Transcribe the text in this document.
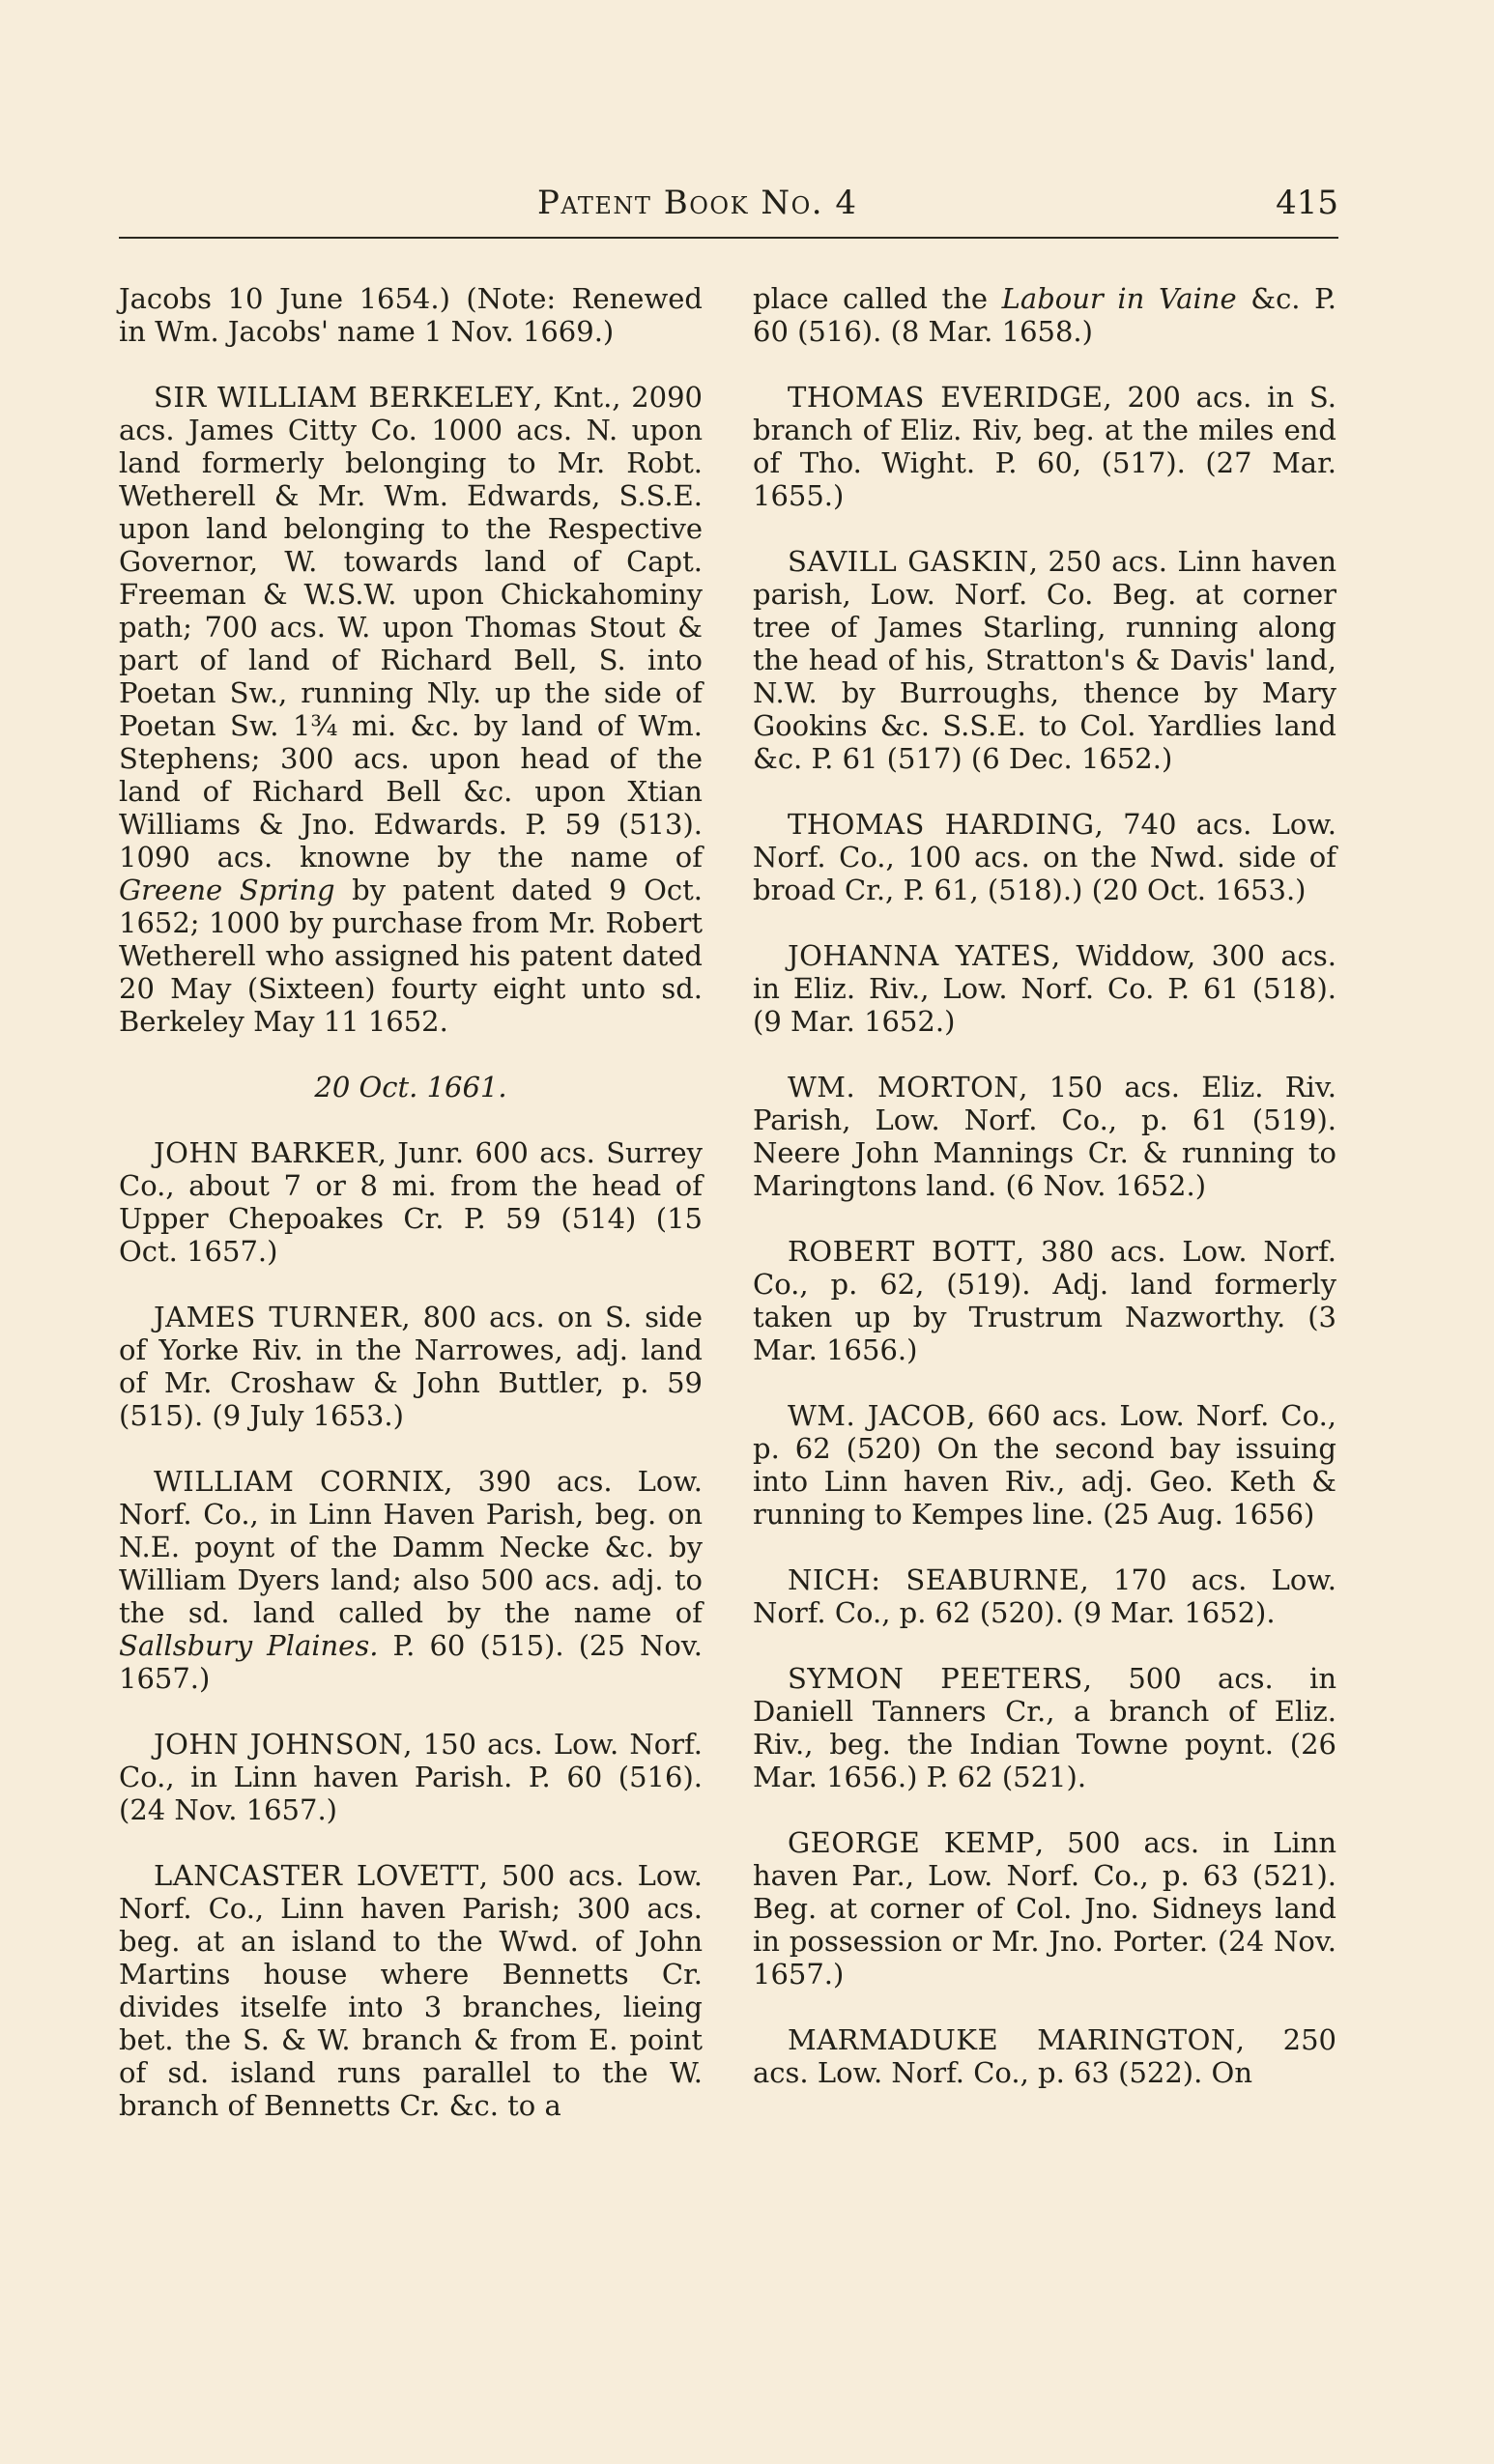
Patent Book No. 4	415

Jacobs 10 June 1654.) (Note: Renewed in Wm. Jacobs' name 1 Nov. 1669.)

SIR WILLIAM BERKELEY, Knt., 2090 acs. James Citty Co. 1000 acs. N. upon land formerly belonging to Mr. Robt. Wetherell & Mr. Wm. Edwards, S.S.E. upon land belonging to the Respective Governor, W. towards land of Capt. Freeman & W.S.W. upon Chickahominy path; 700 acs. W. upon Thomas Stout & part of land of Richard Bell, S. into Poetan Sw., running Nly. up the side of Poetan Sw. 1¾ mi. &c. by land of Wm. Stephens; 300 acs. upon head of the land of Richard Bell &c. upon Xtian Williams & Jno. Edwards. P. 59 (513). 1090 acs. knowne by the name of Greene Spring by patent dated 9 Oct. 1652; 1000 by purchase from Mr. Robert Wetherell who assigned his patent dated 20 May (Sixteen) fourty eight unto sd. Berkeley May 11 1652.

20 Oct. 1661.

JOHN BARKER, Junr. 600 acs. Surrey Co., about 7 or 8 mi. from the head of Upper Chepoakes Cr. P. 59 (514) (15 Oct. 1657.)

JAMES TURNER, 800 acs. on S. side of Yorke Riv. in the Narrowes, adj. land of Mr. Croshaw & John Buttler, p. 59 (515). (9 July 1653.)

WILLIAM CORNIX, 390 acs. Low. Norf. Co., in Linn Haven Parish, beg. on N.E. poynt of the Damm Necke &c. by William Dyers land; also 500 acs. adj. to the sd. land called by the name of Sallsbury Plaines. P. 60 (515). (25 Nov. 1657.)

JOHN JOHNSON, 150 acs. Low. Norf. Co., in Linn haven Parish. P. 60 (516). (24 Nov. 1657.)

LANCASTER LOVETT, 500 acs. Low. Norf. Co., Linn haven Parish; 300 acs. beg. at an island to the Wwd. of John Martins house where Bennetts Cr. divides itselfe into 3 branches, lieing bet. the S. & W. branch & from E. point of sd. island runs parallel to the W. branch of Bennetts Cr. &c. to a

place called the Labour in Vaine &c. P. 60 (516). (8 Mar. 1658.)

THOMAS EVERIDGE, 200 acs. in S. branch of Eliz. Riv, beg. at the miles end of Tho. Wight. P. 60, (517). (27 Mar. 1655.)

SAVILL GASKIN, 250 acs. Linn haven parish, Low. Norf. Co. Beg. at corner tree of James Starling, running along the head of his, Stratton's & Davis' land, N.W. by Burroughs, thence by Mary Gookins &c. S.S.E. to Col. Yardlies land &c. P. 61 (517) (6 Dec. 1652.)

THOMAS HARDING, 740 acs. Low. Norf. Co., 100 acs. on the Nwd. side of broad Cr., P. 61, (518).) (20 Oct. 1653.)

JOHANNA YATES, Widdow, 300 acs. in Eliz. Riv., Low. Norf. Co. P. 61 (518). (9 Mar. 1652.)

WM. MORTON, 150 acs. Eliz. Riv. Parish, Low. Norf. Co., p. 61 (519). Neere John Mannings Cr. & running to Maringtons land. (6 Nov. 1652.)

ROBERT BOTT, 380 acs. Low. Norf. Co., p. 62, (519). Adj. land formerly taken up by Trustrum Nazworthy. (3 Mar. 1656.)

WM. JACOB, 660 acs. Low. Norf. Co., p. 62 (520) On the second bay issuing into Linn haven Riv., adj. Geo. Keth & running to Kempes line. (25 Aug. 1656)

NICH: SEABURNE, 170 acs. Low. Norf. Co., p. 62 (520). (9 Mar. 1652).

SYMON PEETERS, 500 acs. in Daniell Tanners Cr., a branch of Eliz. Riv., beg. the Indian Towne poynt. (26 Mar. 1656.) P. 62 (521).

GEORGE KEMP, 500 acs. in Linn haven Par., Low. Norf. Co., p. 63 (521). Beg. at corner of Col. Jno. Sidneys land in possession or Mr. Jno. Porter. (24 Nov. 1657.)

MARMADUKE MARINGTON, 250 acs. Low. Norf. Co., p. 63 (522). On
